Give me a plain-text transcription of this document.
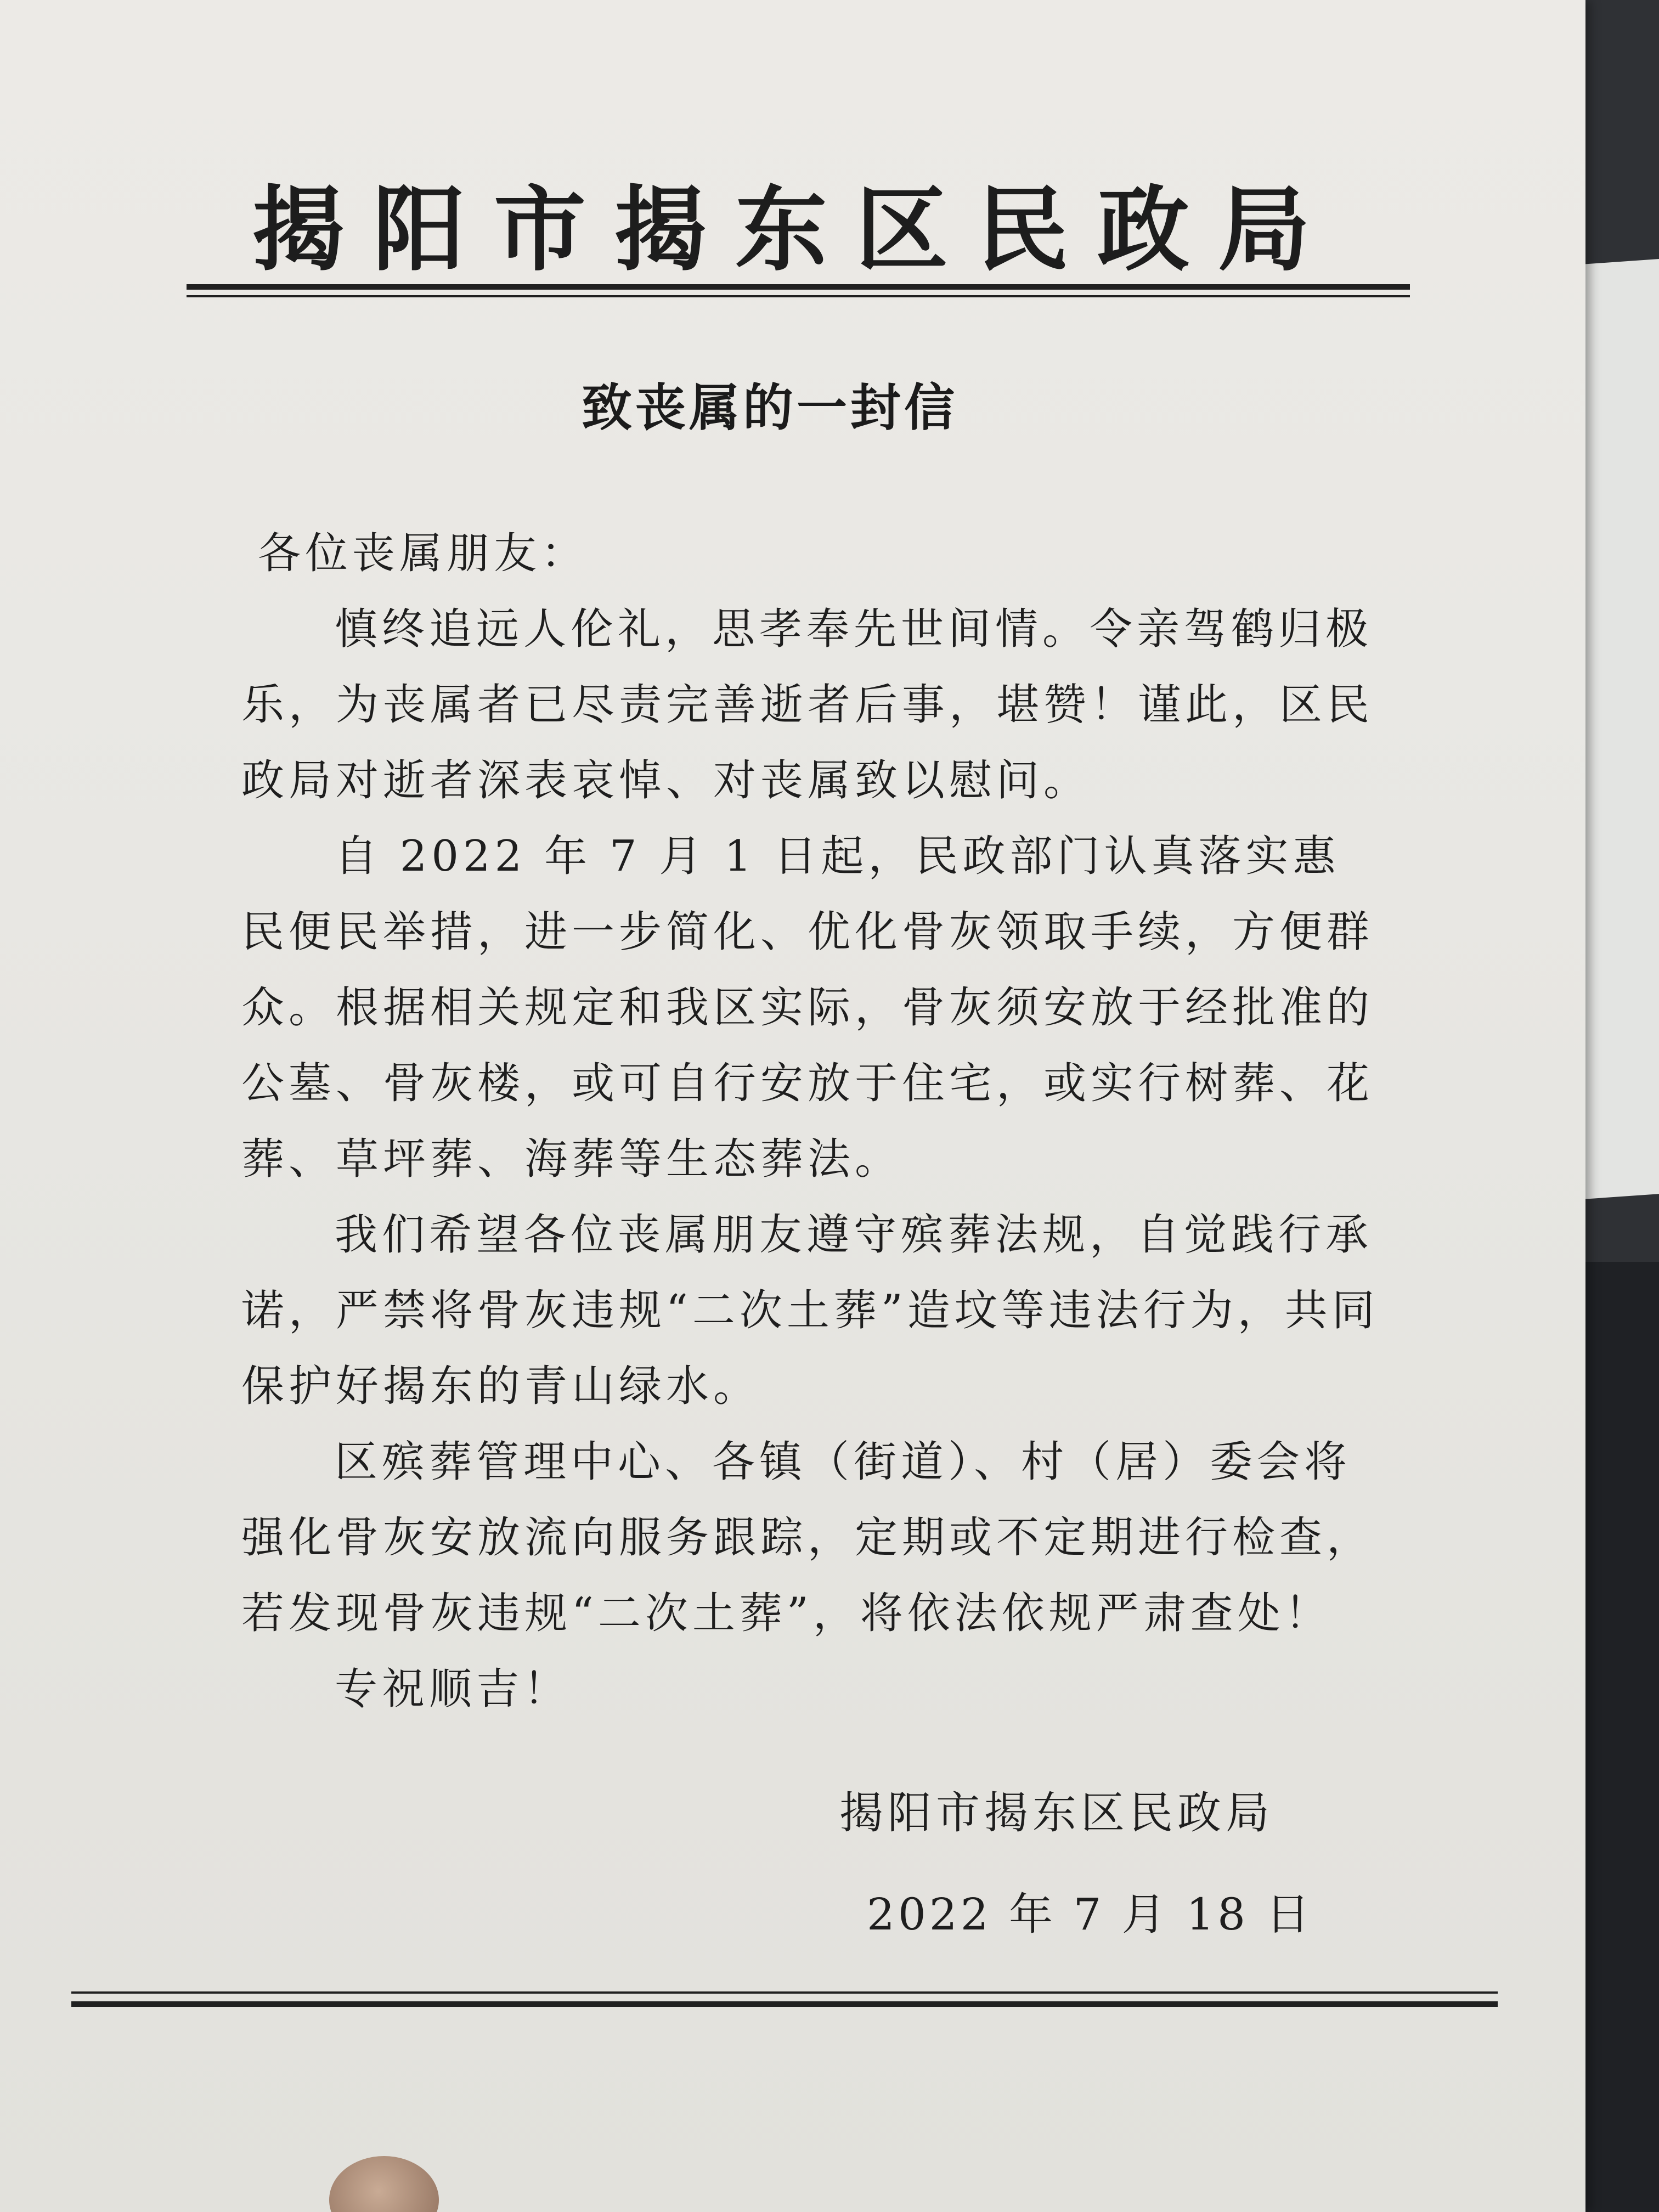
揭阳市揭东区民政局
致丧属的一封信

各位丧属朋友：

慎终追远人伦礼，思孝奉先世间情。令亲驾鹤归极乐，为丧属者已尽责完善逝者后事，堪赞！谨此，区民政局对逝者深表哀悼、对丧属致以慰问。

自 2022 年 7 月 1 日起，民政部门认真落实惠民便民举措，进一步简化、优化骨灰领取手续，方便群众。根据相关规定和我区实际，骨灰须安放于经批准的公墓、骨灰楼，或可自行安放于住宅，或实行树葬、花葬、草坪葬、海葬等生态葬法。

我们希望各位丧属朋友遵守殡葬法规，自觉践行承诺，严禁将骨灰违规“二次土葬”造坟等违法行为，共同保护好揭东的青山绿水。

区殡葬管理中心、各镇（街道）、村（居）委会将强化骨灰安放流向服务跟踪，定期或不定期进行检查，若发现骨灰违规“二次土葬”，将依法依规严肃查处！

专祝顺吉！

揭阳市揭东区民政局
2022 年 7 月 18 日
